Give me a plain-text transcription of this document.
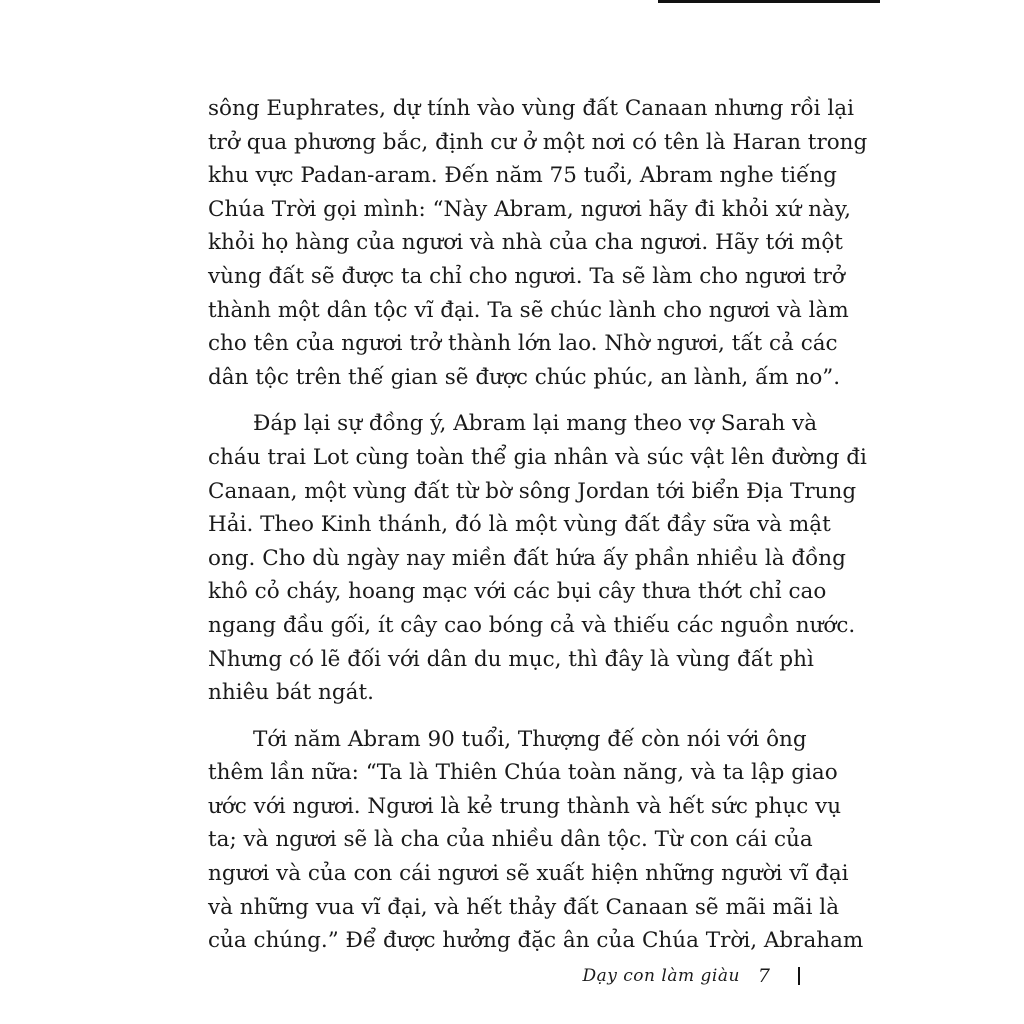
sông Euphrates, dự tính vào vùng đất Canaan nhưng rồi lại
trở qua phương bắc, định cư ở một nơi có tên là Haran trong
khu vực Padan-aram. Đến năm 75 tuổi, Abram nghe tiếng
Chúa Trời gọi mình: “Này Abram, ngươi hãy đi khỏi xứ này,
khỏi họ hàng của ngươi và nhà của cha ngươi. Hãy tới một
vùng đất sẽ được ta chỉ cho ngươi. Ta sẽ làm cho ngươi trở
thành một dân tộc vĩ đại. Ta sẽ chúc lành cho ngươi và làm
cho tên của ngươi trở thành lớn lao. Nhờ ngươi, tất cả các
dân tộc trên thế gian sẽ được chúc phúc, an lành, ấm no”.
Đáp lại sự đồng ý, Abram lại mang theo vợ Sarah và
cháu trai Lot cùng toàn thể gia nhân và súc vật lên đường đi
Canaan, một vùng đất từ bờ sông Jordan tới biển Địa Trung
Hải. Theo Kinh thánh, đó là một vùng đất đầy sữa và mật
ong. Cho dù ngày nay miền đất hứa ấy phần nhiều là đồng
khô cỏ cháy, hoang mạc với các bụi cây thưa thớt chỉ cao
ngang đầu gối, ít cây cao bóng cả và thiếu các nguồn nước.
Nhưng có lẽ đối với dân du mục, thì đây là vùng đất phì
nhiêu bát ngát.
Tới năm Abram 90 tuổi, Thượng đế còn nói với ông
thêm lần nữa: “Ta là Thiên Chúa toàn năng, và ta lập giao
ước với ngươi. Ngươi là kẻ trung thành và hết sức phục vụ
ta; và ngươi sẽ là cha của nhiều dân tộc. Từ con cái của
ngươi và của con cái ngươi sẽ xuất hiện những người vĩ đại
và những vua vĩ đại, và hết thảy đất Canaan sẽ mãi mãi là
của chúng.” Để được hưởng đặc ân của Chúa Trời, Abraham
Dạy con làm giàu 7
